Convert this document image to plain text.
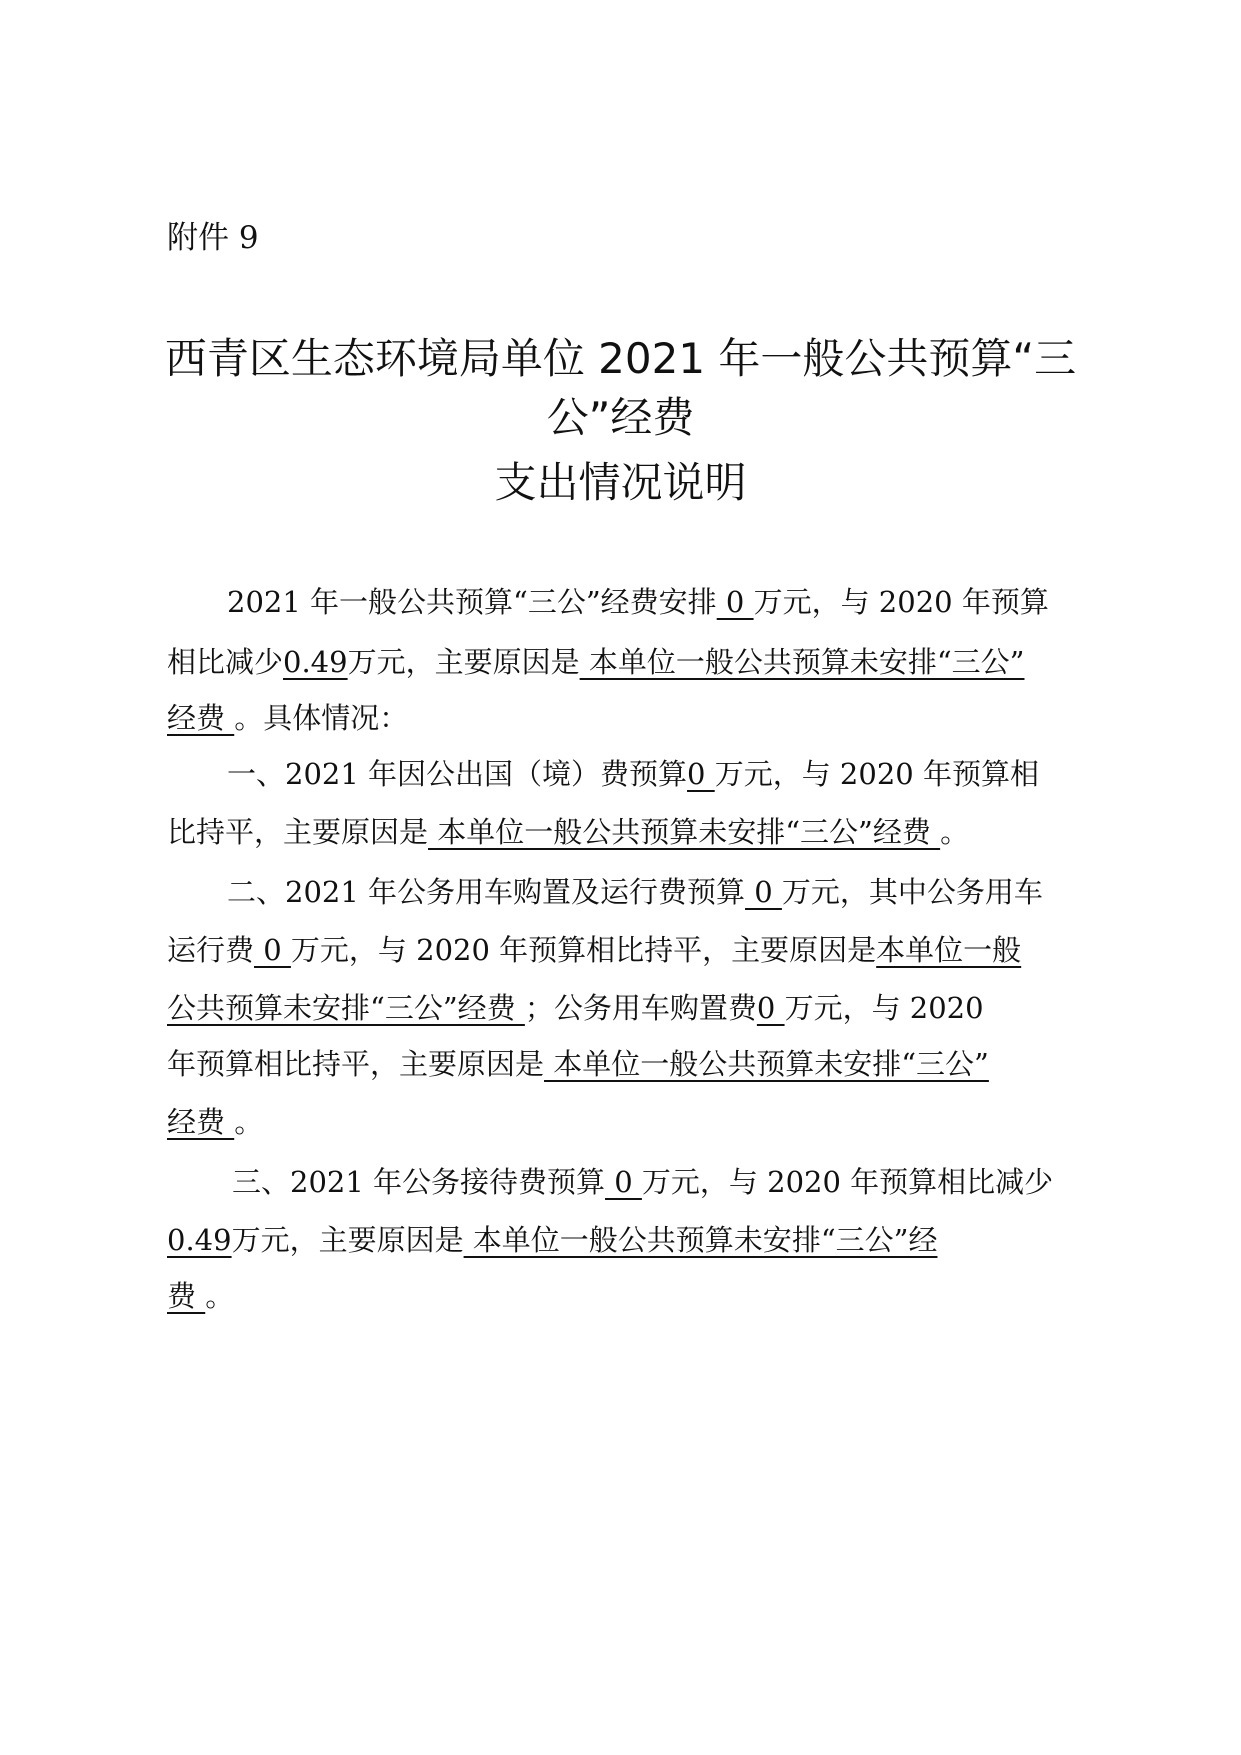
附件 9
西青区生态环境局单位 2021 年一般公共预算“三
公”经费
支出情况说明
2021 年一般公共预算“三公”经费安排 0 万元，与 2020 年预算
相比减少0.49万元，主要原因是 本单位一般公共预算未安排“三公”
经费 。具体情况：
一、2021 年因公出国（境）费预算0 万元，与 2020 年预算相
比持平，主要原因是 本单位一般公共预算未安排“三公”经费 。
二、2021 年公务用车购置及运行费预算 0 万元，其中公务用车
运行费 0 万元，与 2020 年预算相比持平，主要原因是本单位一般
公共预算未安排“三公”经费 ；公务用车购置费0 万元，与 2020
年预算相比持平，主要原因是 本单位一般公共预算未安排“三公”
经费 。
三、2021 年公务接待费预算 0 万元，与 2020 年预算相比减少
0.49万元，主要原因是 本单位一般公共预算未安排“三公”经
费 。
